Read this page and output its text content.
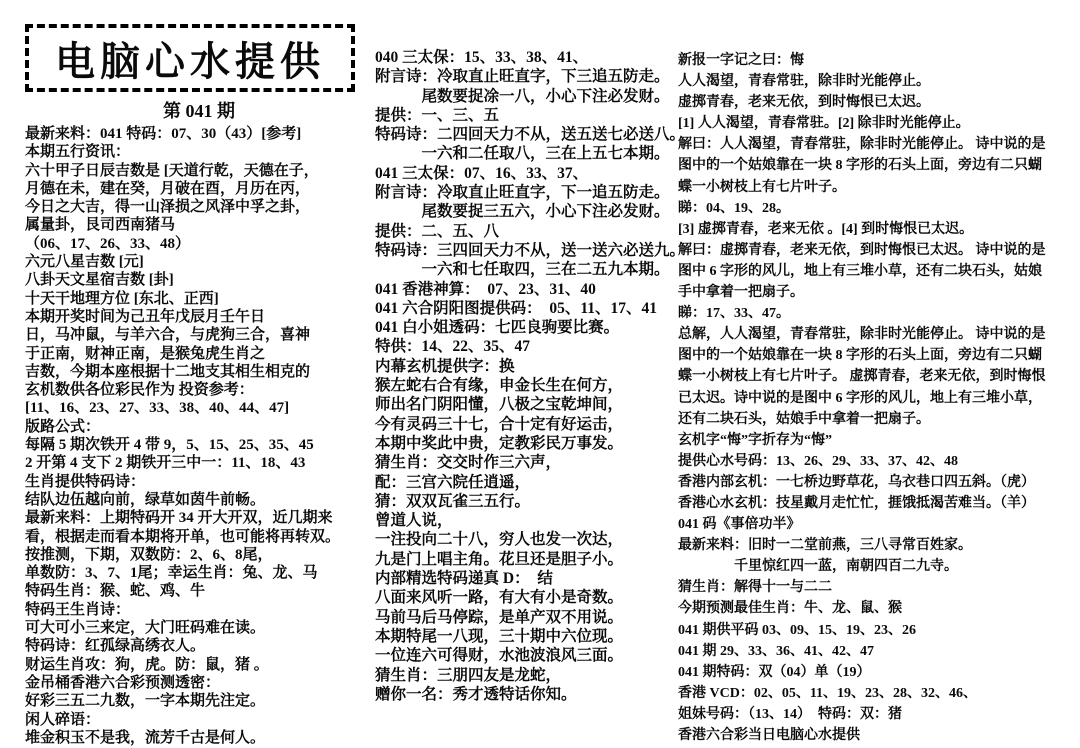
电脑心水提供
第 041 期
最新来料：041 特码：07、30（43）[参考]
本期五行资讯：
六十甲子日辰吉数是 [天道行乾，天德在子，
月德在未，建在癸，月破在酉，月历在丙，
今日之大吉，得一山泽损之风泽中孚之卦，
属量卦，艮司西南猪马
（06、17、26、33、48）
六元八星吉数 [元]
八卦天文星宿吉数 [卦]
十天干地理方位 [东北、正西]
本期开奖时间为己丑年戊辰月壬午日
日，马冲鼠，与羊六合，与虎狗三合，喜神
于正南，财神正南，是猴兔虎生肖之
吉数，今期本座根据十二地支其相生相克的
玄机数供各位彩民作为 投资参考：
[11、16、23、27、33、38、40、44、47]
版路公式：
每隔 5 期次铁开 4 带 9，5、15、25、35、45
2 开第 4 支下 2 期铁开三中一：11、18、43
生肖提供特码诗：
结队边伍越向前，绿草如茵牛前畅。
最新来料：上期特码开 34 开大开双，近几期来
看，根据走而看本期将开单，也可能将再转双。
按推测，下期，双数防：2、6、8尾，
单数防：3、7、1尾；幸运生肖：兔、龙、马
特码生肖：猴、蛇、鸡、牛
特码王生肖诗：
可大可小三来定，大门旺码难在读。
特码诗：红孤绿高绣衣人。
财运生肖攻：狗，虎。防：鼠，猪 。
金吊桶香港六合彩预测透密：
好彩三五二九数，一字本期先注定。
闲人碎语：
堆金积玉不是我，流芳千古是何人。
040 三太保：15、33、38、41、
附言诗：冷取直止旺直字，下三追五防走。
　　　尾数要捉凃一八，小心下注必发财。
提供：一、三、五
特码诗：二四回天力不从，送五送七必送八。
　　　一六和二任取八，三在上五七本期。
041 三太保：07、16、33、37、
附言诗：冷取直止旺直字，下一追五防走。
　　　尾数要捉三五六，小心下注必发财。
提供：二、五、八
特码诗：三四回天力不从，送一送六必送九。
　　　一六和七任取四，三在二五九本期。
041 香港神算：  07、23、31、40
041 六合阴阳图提供码：  05、11、17、41
041 白小姐透码：七匹良驹要比赛。
特供：14、22、35、47
内幕玄机提供字：换
猴左蛇右合有缘，申金长生在何方，
师出名门阴阳懂，八极之宝乾坤间，
今有灵码三十七，合十定有好运击，
本期中奖此中贵，定教彩民万事发。
猜生肖：交交时作三六声，
配：三宫六院任逍遥，
猜：双双瓦雀三五行。
曾道人说，
一注投向二十八，穷人也发一次达，
九是门上唱主角。花旦还是胆子小。
内部精选特码递真 D：  结
八面来风听一路，有大有小是奇数。
马前马后马停踪，是单产双不用说。
本期特尾一八现，三十期中六位现。
一位连六可得财，水池波浪风三面。
猜生肖：三朋四友是龙蛇，
赠你一名：秀才透特话你知。
新报一字记之曰：悔
人人渴望，青春常驻，除非时光能停止。
虚掷青春，老来无依，到时悔恨已太迟。
[1] 人人渴望，青春常驻。[2] 除非时光能停止。
解曰：人人渴望，青春常驻，除非时光能停止。 诗中说的是
图中的一个姑娘靠在一块 8 字形的石头上面，旁边有二只蝴
蝶一小树枝上有七片叶子。
睇：04、19、28。
[3] 虚掷青春，老来无依 。[4] 到时悔恨已太迟。
解曰：虚掷青春，老来无依，到时悔恨已太迟。 诗中说的是
图中 6 字形的风儿，地上有三堆小草，还有二块石头，姑娘
手中拿着一把扇子。
睇：17、33、47。
总解，人人渴望，青春常驻，除非时光能停止。 诗中说的是
图中的一个姑娘靠在一块 8 字形的石头上面，旁边有二只蝴
蝶一小树枝上有七片叶子。 虚掷青春，老来无依，到时悔恨
已太迟。诗中说的是图中 6 字形的风儿，地上有三堆小草，
还有二块石头，姑娘手中拿着一把扇子。
玄机字“悔”字折存为“悔”
提供心水号码：13、26、29、33、37、42、48
香港内部玄机：一七桥边野草花，乌衣巷口四五斜。（虎）
香港心水玄机：技星戴月走忙忙，捱饿抵渴苦难当。（羊）
041 码《事倍功半》
最新来料：旧时一二堂前燕，三八寻常百姓家。
　　　　千里惊红四一蓝，南朝四百二九寺。
猜生肖：解得十一与二二
今期预测最佳生肖：牛、龙、鼠、猴
041 期供平码 03、09、15、19、23、26
041 期 29、33、36、41、42、47
041 期特码：双（04）单（19）
香港 VCD：02、05、11、19、23、28、32、46、
姐妹号码：（13、14）  特码：双：猪
香港六合彩当日电脑心水提供
